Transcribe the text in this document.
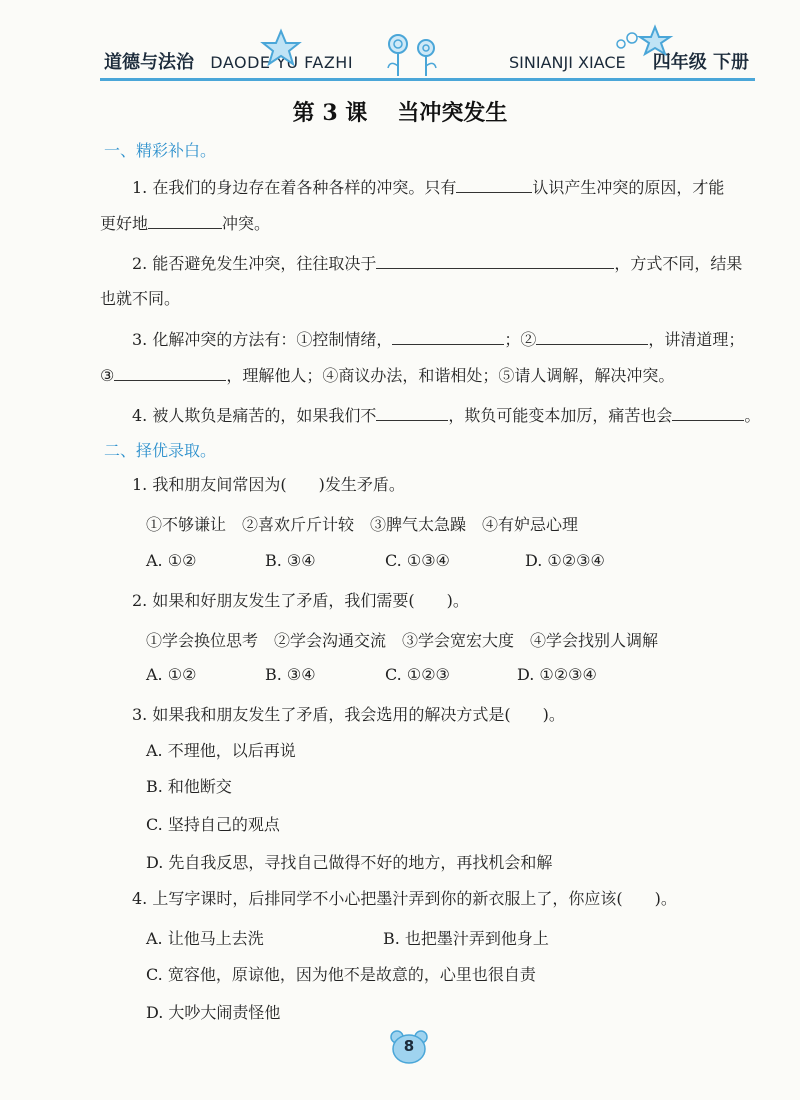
道德与法治 DAODE YU FAZHI	SINIANJI XIACE 四年级 下册
第 3 课 当冲突发生
一、精彩补白。
1. 在我们的身边存在着各种各样的冲突。只有	认识产生冲突的原因，才能
更好地	冲突。
2. 能否避免发生冲突，往往取决于	，方式不同，结果
也就不同。
3. 化解冲突的方法有：①控制情绪，	；②	，讲清道理；
③	，理解他人；④商议办法，和谐相处；⑤请人调解，解决冲突。
4. 被人欺负是痛苦的，如果我们不	，欺负可能变本加厉，痛苦也会	。
二、择优录取。
1. 我和朋友间常因为(　　)发生矛盾。
①不够谦让　②喜欢斤斤计较　③脾气太急躁　④有妒忌心理
A. ①②	B. ③④	C. ①③④	D. ①②③④
2. 如果和好朋友发生了矛盾，我们需要(　　)。
①学会换位思考　②学会沟通交流　③学会宽宏大度　④学会找别人调解
A. ①②	B. ③④	C. ①②③	D. ①②③④
3. 如果我和朋友发生了矛盾，我会选用的解决方式是(　　)。
A. 不理他，以后再说
B. 和他断交
C. 坚持自己的观点
D. 先自我反思，寻找自己做得不好的地方，再找机会和解
4. 上写字课时，后排同学不小心把墨汁弄到你的新衣服上了，你应该(　　)。
A. 让他马上去洗	B. 也把墨汁弄到他身上
C. 宽容他，原谅他，因为他不是故意的，心里也很自责
D. 大吵大闹责怪他
8
